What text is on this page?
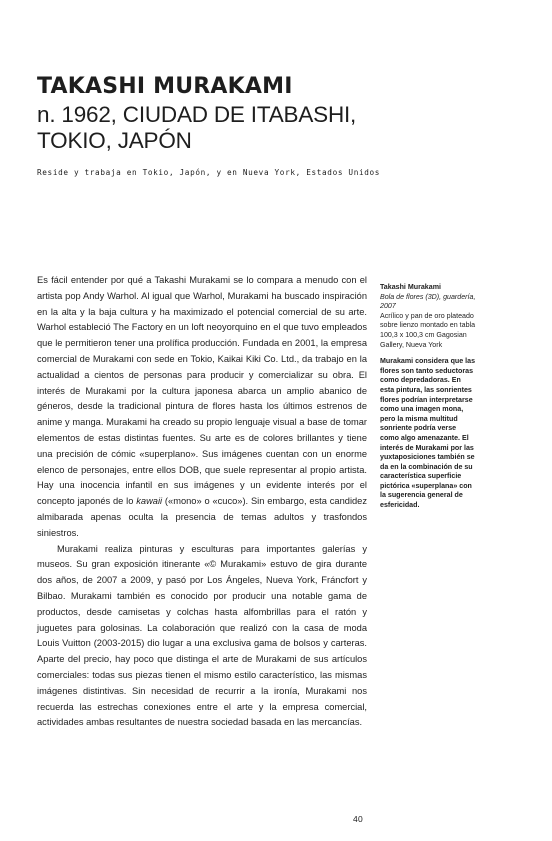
TAKASHI MURAKAMI
n. 1962, CIUDAD DE ITABASHI, TOKIO, JAPÓN
Reside y trabaja en Tokio, Japón, y en Nueva York, Estados Unidos

Es fácil entender por qué a Takashi Murakami se lo compara a menudo con el artista pop Andy Warhol. Al igual que Warhol, Murakami ha buscado inspiración en la alta y la baja cultura y ha maximizado el potencial comercial de su arte. Warhol estableció The Factory en un loft neoyorquino en el que tuvo empleados que le permitieron tener una prolífica producción. Fundada en 2001, la empresa comercial de Murakami con sede en Tokio, Kaikai Kiki Co. Ltd., da trabajo en la actualidad a cientos de personas para producir y comercializar su obra. El interés de Murakami por la cultura japonesa abarca un amplio abanico de géneros, desde la tradicional pintura de flores hasta los últimos estrenos de anime y manga. Murakami ha creado su propio lenguaje visual a base de tomar elementos de estas distintas fuentes. Su arte es de colores brillantes y tiene una precisión de cómic «superplano». Sus imágenes cuentan con un enorme elenco de personajes, entre ellos DOB, que suele representar al propio artista. Hay una inocencia infantil en sus imágenes y un evidente interés por el concepto japonés de lo kawaii («mono» o «cuco»). Sin embargo, esta candidez almibarada apenas oculta la presencia de temas adultos y trasfondos siniestros.

Murakami realiza pinturas y esculturas para importantes galerías y museos. Su gran exposición itinerante «© Murakami» estuvo de gira durante dos años, de 2007 a 2009, y pasó por Los Ángeles, Nueva York, Fráncfort y Bilbao. Murakami también es conocido por producir una notable gama de productos, desde camisetas y colchas hasta alfombrillas para el ratón y juguetes para golosinas. La colaboración que realizó con la casa de moda Louis Vuitton (2003-2015) dio lugar a una exclusiva gama de bolsos y carteras. Aparte del precio, hay poco que distinga el arte de Murakami de sus artículos comerciales: todas sus piezas tienen el mismo estilo característico, las mismas imágenes distintivas. Sin necesidad de recurrir a la ironía, Murakami nos recuerda las estrechas conexiones entre el arte y la empresa comercial, actividades ambas resultantes de nuestra sociedad basada en las mercancías.

Takashi Murakami
Bola de flores (3D), guardería, 2007
Acrílico y pan de oro plateado sobre lienzo montado en tabla 100,3 x 100,3 cm Gagosian Gallery, Nueva York
Murakami considera que las flores son tanto seductoras como depredadoras. En esta pintura, las sonrientes flores podrían interpretarse como una imagen mona, pero la misma multitud sonriente podría verse como algo amenazante. El interés de Murakami por las yuxtaposiciones también se da en la combinación de su característica superficie pictórica «superplana» con la sugerencia general de esfericidad.
40
